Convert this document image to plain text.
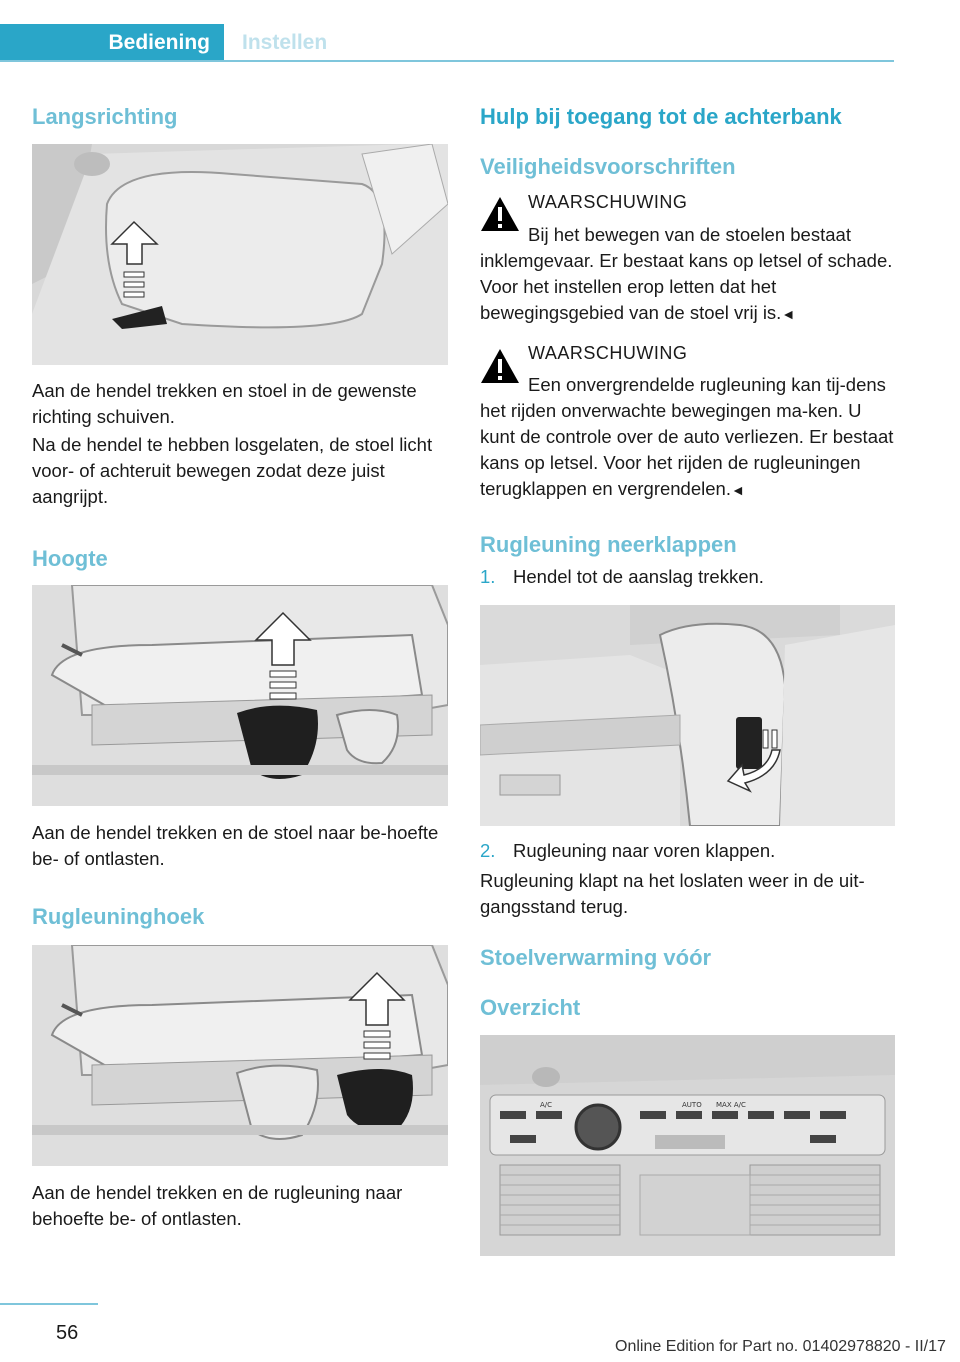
Bediening	Instellen
Langsrichting

Aan de hendel trekken en stoel in de gewenste richting schuiven.

Na de hendel te hebben losgelaten, de stoel licht voor- of achteruit bewegen zodat deze juist aangrijpt.

Hoogte

Aan de hendel trekken en de stoel naar be-hoefte be- of ontlasten.

Rugleuninghoek

Aan de hendel trekken en de rugleuning naar behoefte be- of ontlasten.

Hulp bij toegang tot de achterbank
Veiligheidsvoorschriften
WAARSCHUWING

Bij het bewegen van de stoelen bestaat inklemgevaar. Er bestaat kans op letsel of schade. Voor het instellen erop letten dat het bewegingsgebied van de stoel vrij is.◄

WAARSCHUWING

Een onvergrendelde rugleuning kan tij-dens het rijden onverwachte bewegingen ma-ken. U kunt de controle over de auto verliezen. Er bestaat kans op letsel. Voor het rijden de rugleuningen terugklappen en vergrendelen.◄

Rugleuning neerklappen
1. Hendel tot de aanslag trekken.
2. Rugleuning naar voren klappen.

Rugleuning klapt na het loslaten weer in de uit-gangsstand terug.

Stoelverwarming vóór
Overzicht
AUTO MAX A/C
A/C
56
Online Edition for Part no. 01402978820 - II/17
